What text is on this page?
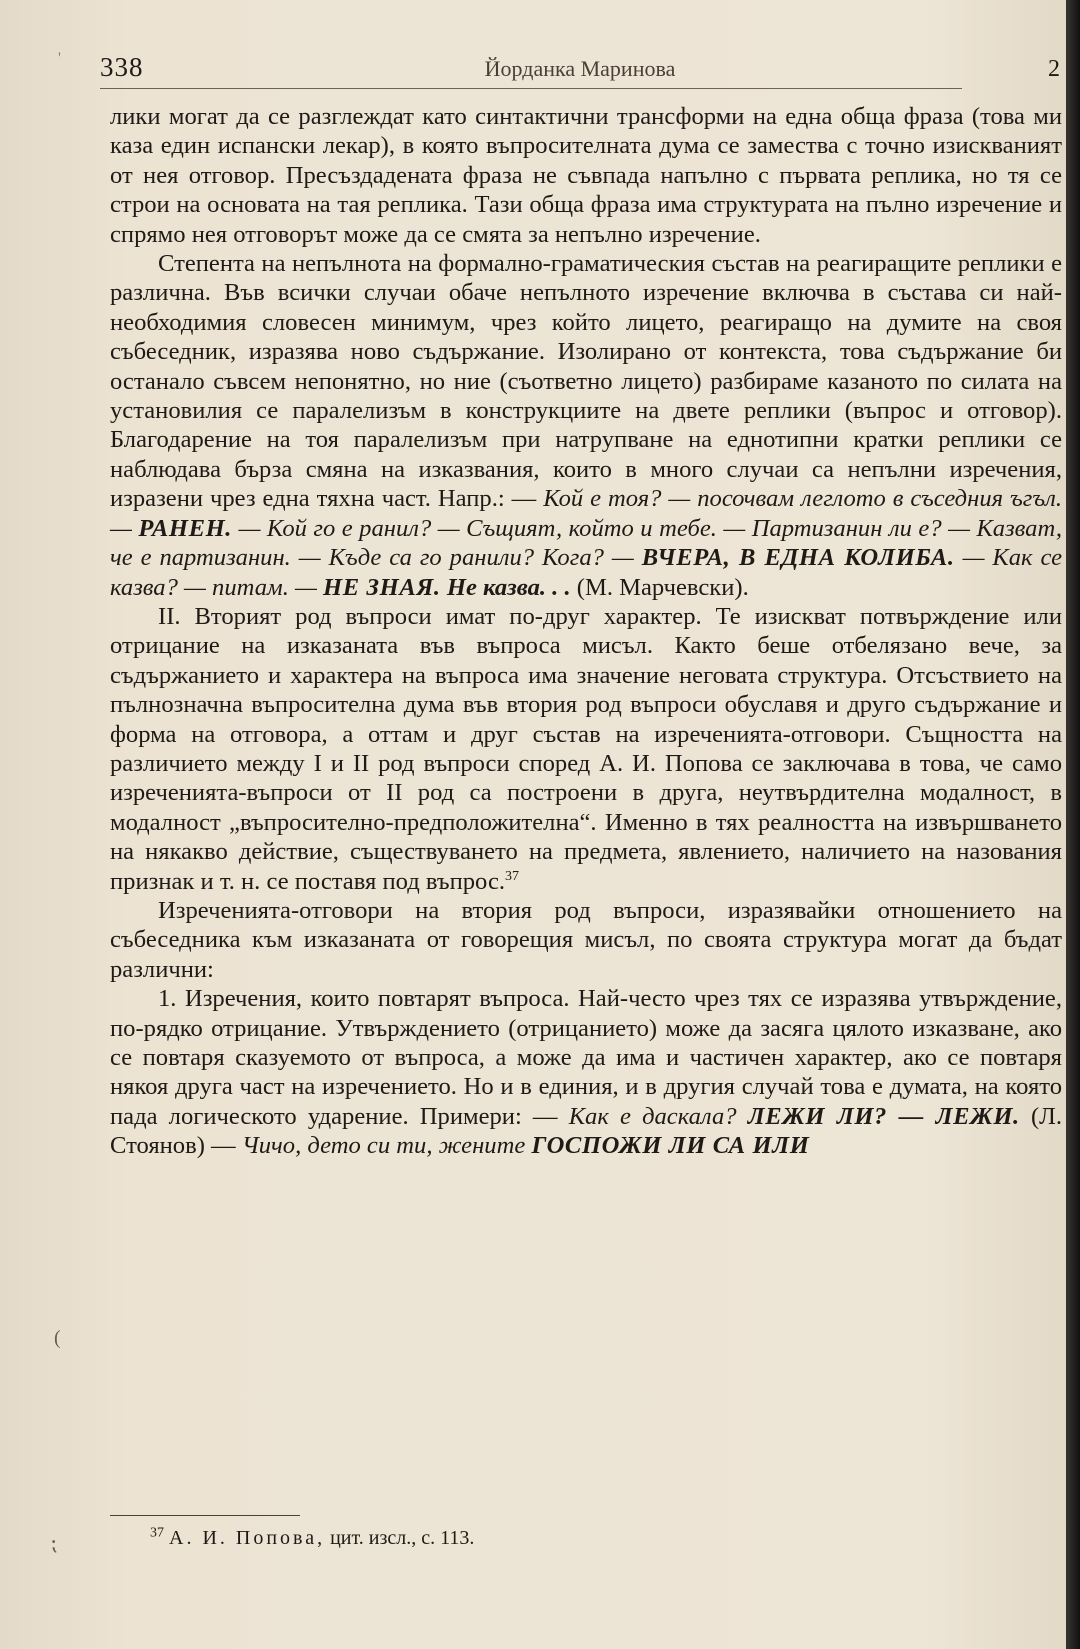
'
(
⁏
338	Йорданка Маринова	2

лики могат да се разглеждат като синтактични трансформи на една обща фраза (това ми каза един испански лекар), в която въпросителната дума се замества с точно изискваният от нея отговор. Пресъздадената фраза не съвпада напълно с първата реплика, но тя се строи на основата на тая реплика. Тази обща фраза има структурата на пълно изречение и спрямо нея отговорът може да се смята за непълно изречение.

Степента на непълнота на формално-граматическия състав на реагиращите реплики е различна. Във всички случаи обаче непълното изречение включва в състава си най-необходимия словесен минимум, чрез който лицето, реагиращо на думите на своя събеседник, изразява ново съдържание. Изолирано от контекста, това съдържание би останало съвсем непонятно, но ние (съответно лицето) разбираме казаното по силата на установилия се паралелизъм в конструкциите на двете реплики (въпрос и отговор). Благодарение на тоя паралелизъм при натрупване на еднотипни кратки реплики се наблюдава бърза смяна на изказвания, които в много случаи са непълни изречения, изразени чрез една тяхна част. Напр.: — Кой е тоя? — посочвам леглото в съседния ъгъл. — РАНЕН. — Кой го е ранил? — Същият, който и тебе. — Партизанин ли е? — Казват, че е партизанин. — Къде са го ранили? Кога? — ВЧЕРА, В ЕДНА КОЛИБА. — Как се казва? — питам. — НЕ ЗНАЯ. Не казва. . . (М. Марчевски).

II. Вторият род въпроси имат по-друг характер. Те изискват потвърждение или отрицание на изказаната във въпроса мисъл. Както беше отбелязано вече, за съдържанието и характера на въпроса има значение неговата структура. Отсъствието на пълнозначна въпросителна дума във втория род въпроси обуславя и друго съдържание и форма на отговора, а оттам и друг състав на изреченията-отговори. Същността на различието между I и II род въпроси според А. И. Попова се заключава в това, че само изреченията-въпроси от II род са построени в друга, неутвърдителна модалност, в модалност „въпросително-предположителна“. Именно в тях реалността на извършването на някакво действие, съществуването на предмета, явлението, наличието на назования признак и т. н. се поставя под въпрос.$^{37}$

Изреченията-отговори на втория род въпроси, изразявайки отношението на събеседника към изказаната от говорещия мисъл, по своята структура могат да бъдат различни:

1. Изречения, които повтарят въпроса. Най-често чрез тях се изразява утвърждение, по-рядко отрицание. Утвърждението (отрицанието) може да засяга цялото изказване, ако се повтаря сказуемото от въпроса, а може да има и частичен характер, ако се повтаря някоя друга част на изречението. Но и в единия, и в другия случай това е думата, на която пада логическото ударение. Примери: — Как е даскала? ЛЕЖИ ЛИ? — ЛЕЖИ. (Л. Стоянов) — Чичо, дето си ти, жените ГОСПОЖИ ЛИ СА ИЛИ

$^{37}$ А. И. Попова, цит. изсл., с. 113.
